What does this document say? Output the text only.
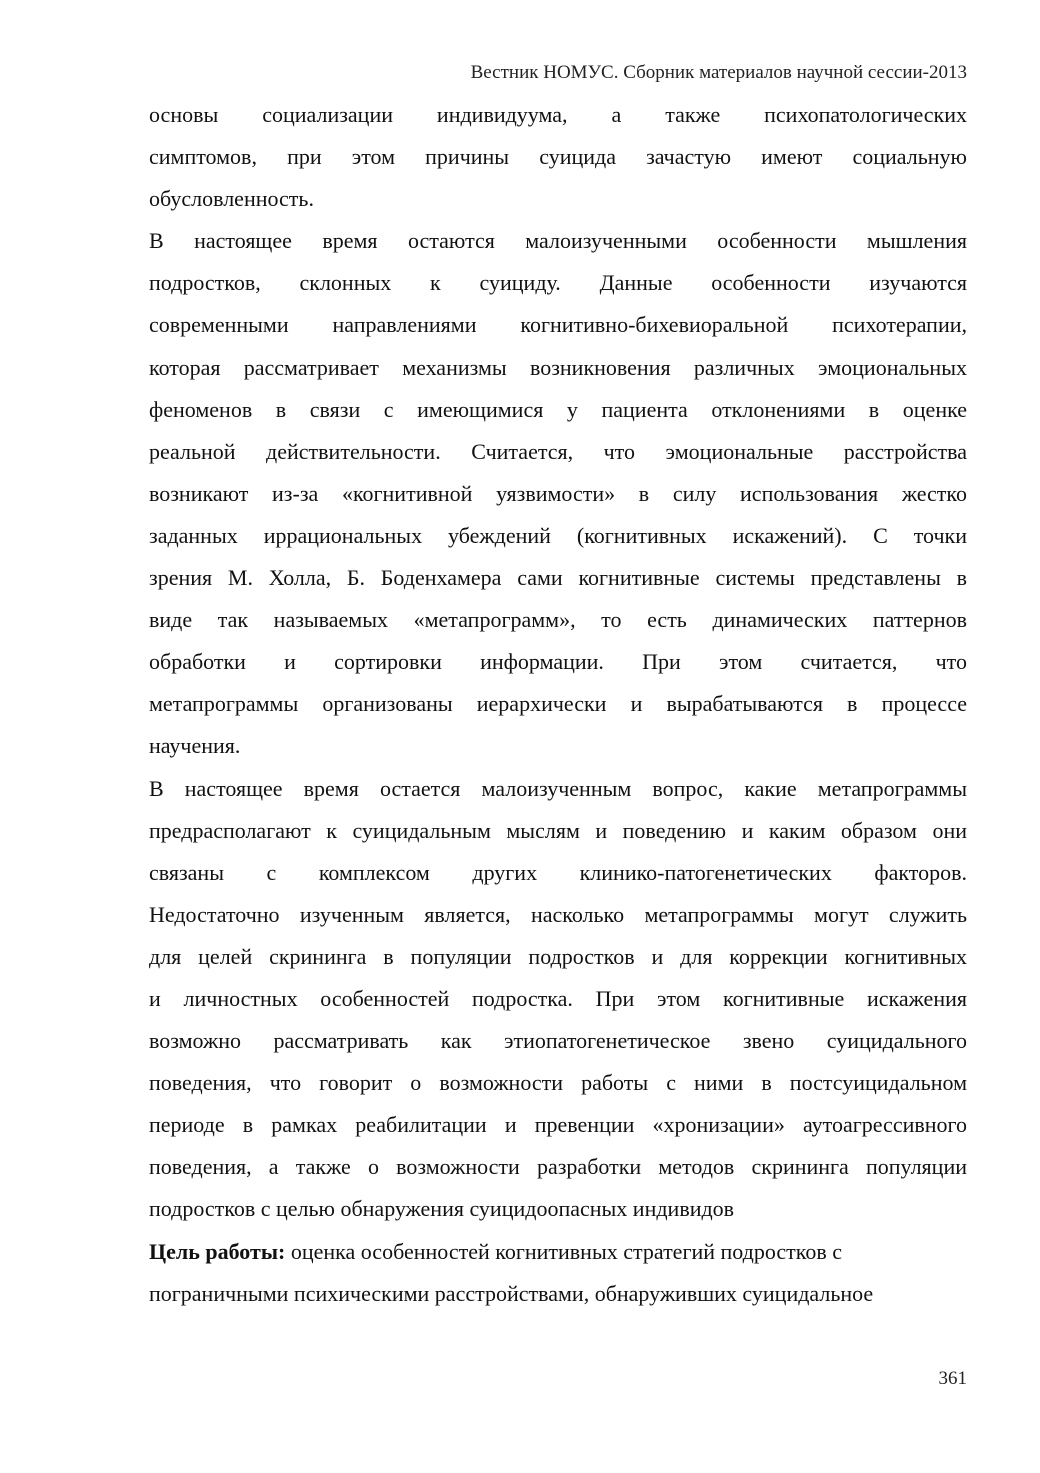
Вестник НОМУС. Сборник материалов научной сессии-2013
основы социализации индивидуума, а также психопатологических
симптомов, при этом причины суицида зачастую имеют социальную
обусловленность.
В настоящее время остаются малоизученными особенности мышления
подростков, склонных к суициду. Данные особенности изучаются
современными направлениями когнитивно-бихевиоральной психотерапии,
которая рассматривает механизмы возникновения различных эмоциональных
феноменов в связи с имеющимися у пациента отклонениями в оценке
реальной действительности. Считается, что эмоциональные расстройства
возникают из-за «когнитивной уязвимости» в силу использования жестко
заданных иррациональных убеждений (когнитивных искажений). С точки
зрения М. Холла, Б. Боденхамера сами когнитивные системы представлены в
виде так называемых «метапрограмм», то есть динамических паттернов
обработки и сортировки информации. При этом считается, что
метапрограммы организованы иерархически и вырабатываются в процессе
научения.
В настоящее время остается малоизученным вопрос, какие метапрограммы
предрасполагают к суицидальным мыслям и поведению и каким образом они
связаны с комплексом других клинико-патогенетических факторов.
Недостаточно изученным является, насколько метапрограммы могут служить
для целей скрининга в популяции подростков и для коррекции когнитивных
и личностных особенностей подростка. При этом когнитивные искажения
возможно рассматривать как этиопатогенетическое звено суицидального
поведения, что говорит о возможности работы с ними в постсуицидальном
периоде в рамках реабилитации и превенции «хронизации» аутоагрессивного
поведения, а также о возможности разработки методов скрининга популяции
подростков с целью обнаружения суицидоопасных индивидов
Цель работы: оценка особенностей когнитивных стратегий подростков с
пограничными психическими расстройствами, обнаруживших суицидальное
361
